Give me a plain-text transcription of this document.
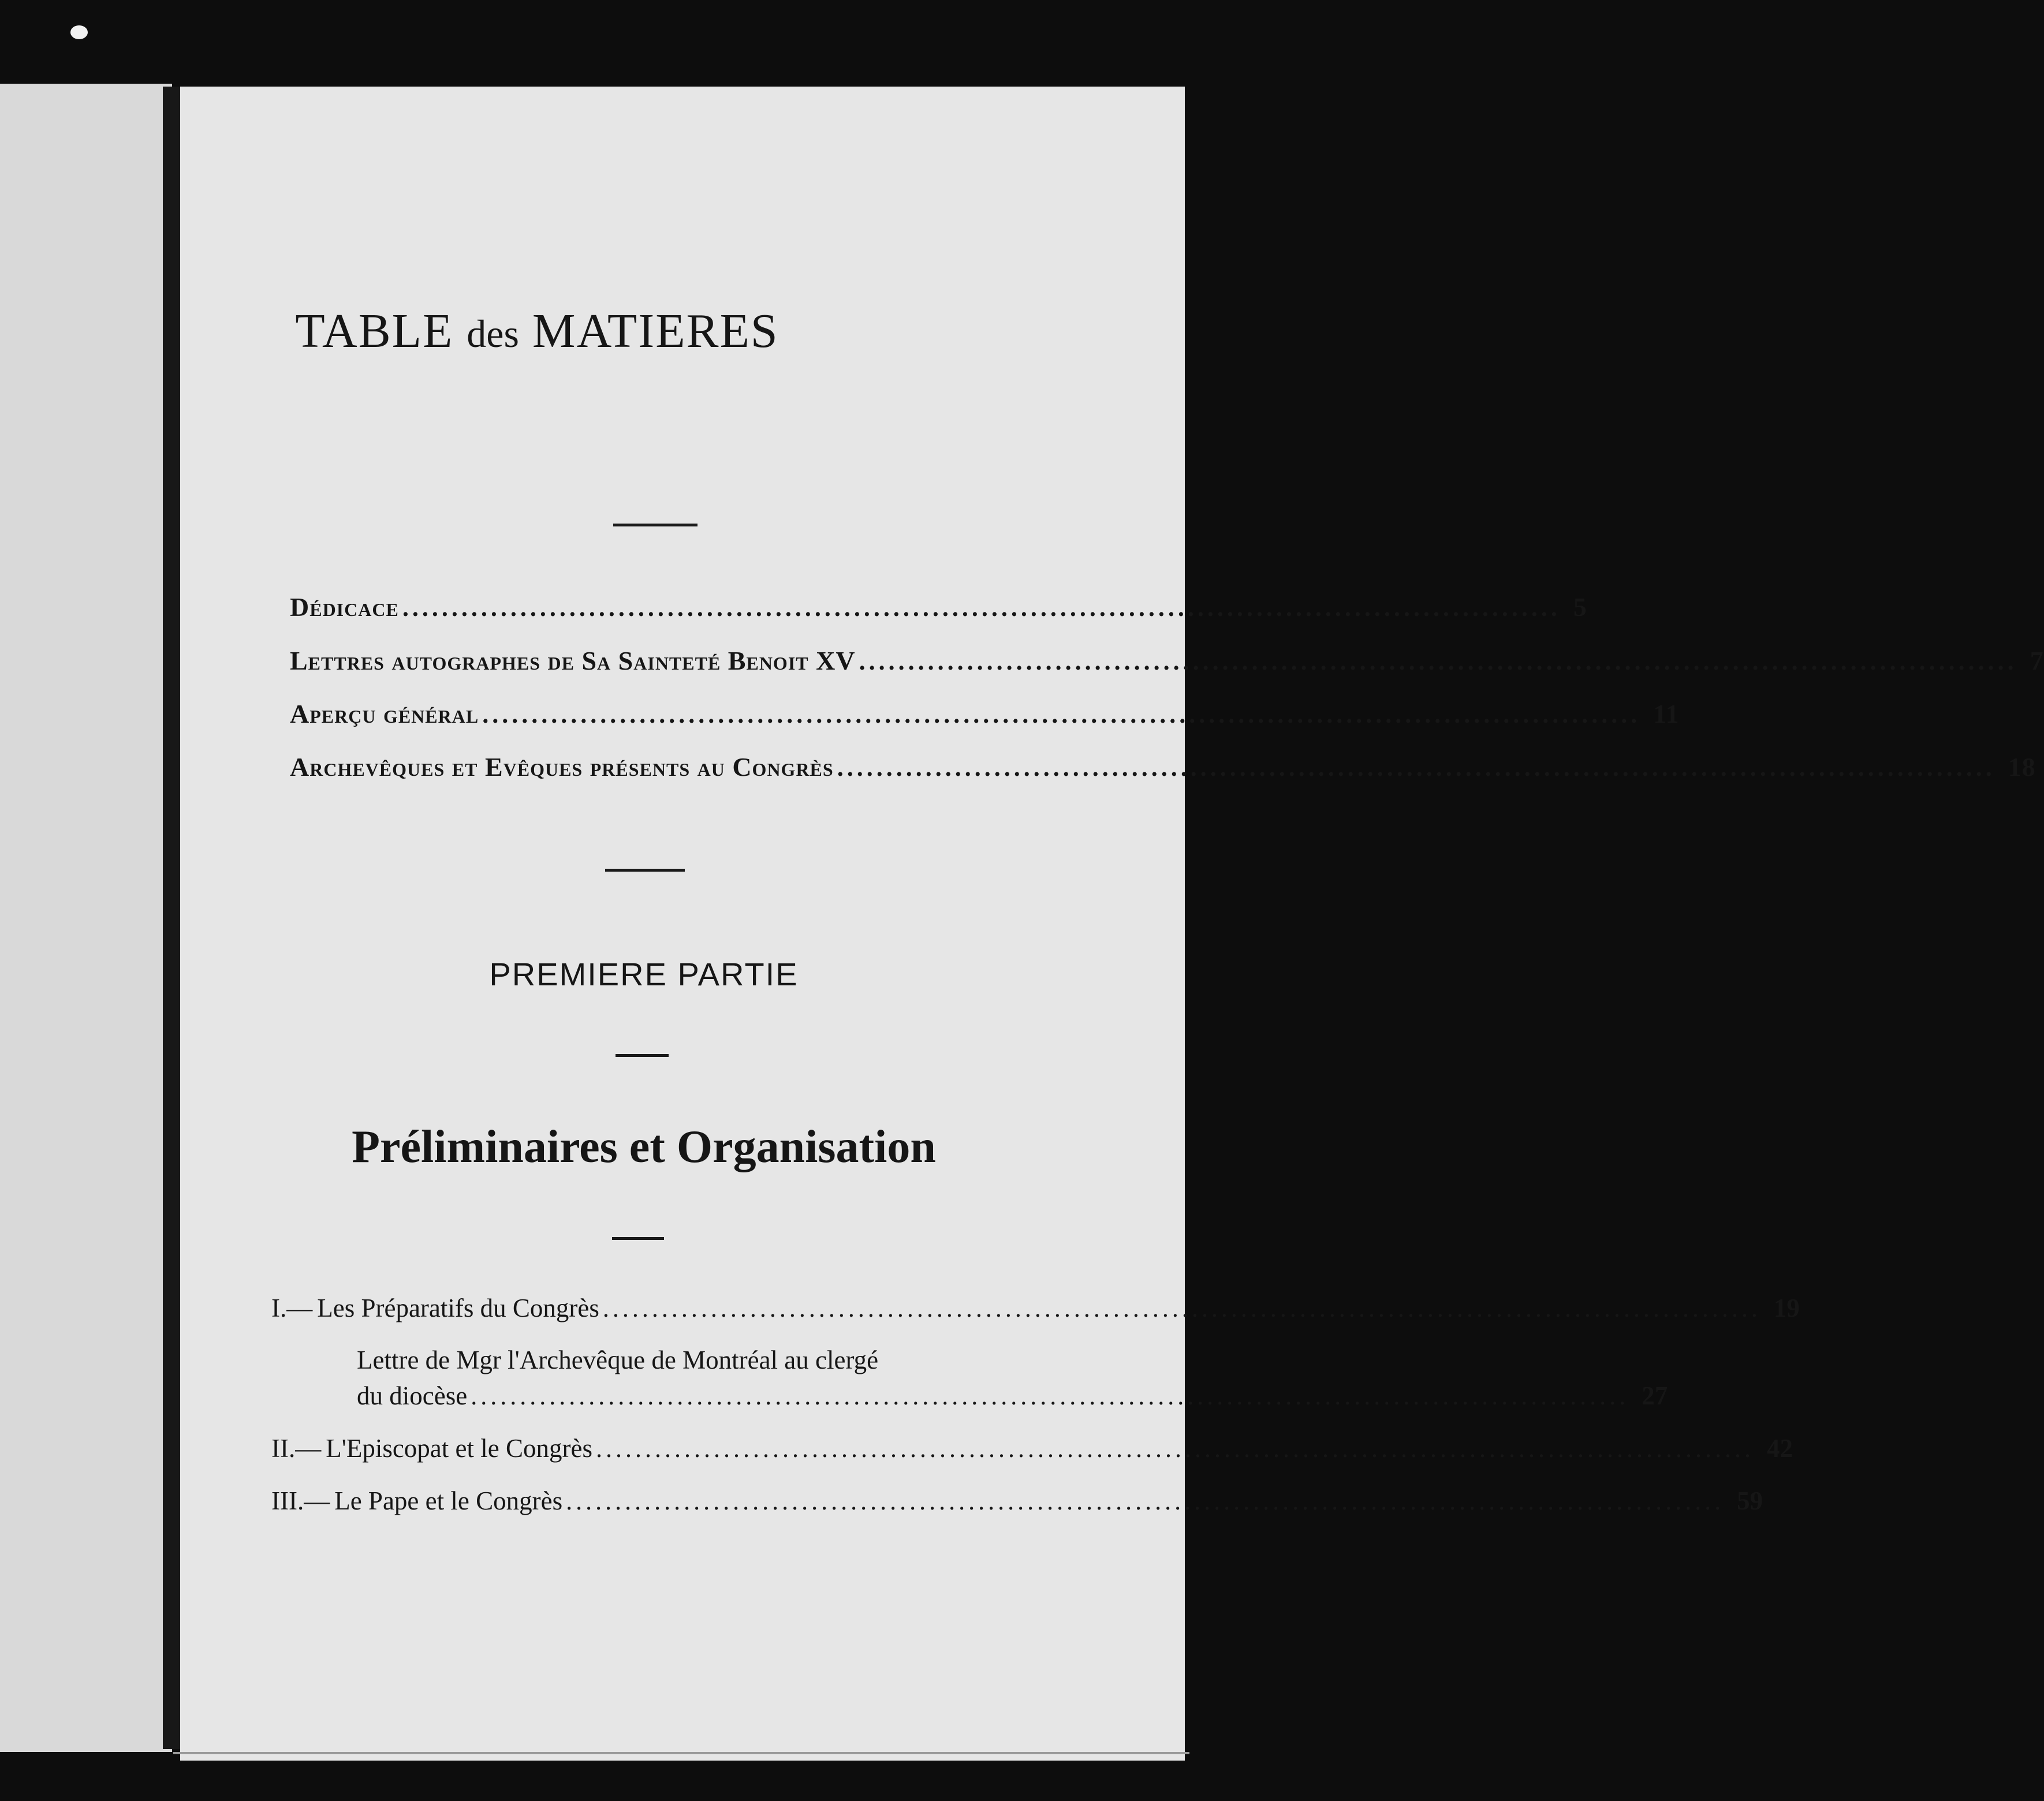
TABLE des MATIERES
Dédicace ...................................................................................................................... 5
Lettres autographes de Sa Sainteté Benoit XV ...................................................................................................................... 7
Aperçu général ...................................................................................................................... 11
Archevêques et Evêques présents au Congrès ...................................................................................................................... 18
PREMIERE PARTIE
Préliminaires et Organisation
I.— Les Préparatifs du Congrès ...................................................................................................................... 19
Lettre de Mgr l'Archevêque de Montréal au clergé
du diocèse ...................................................................................................................... 27
II.— L'Episcopat et le Congrès ...................................................................................................................... 42
III.— Le Pape et le Congrès ...................................................................................................................... 59
